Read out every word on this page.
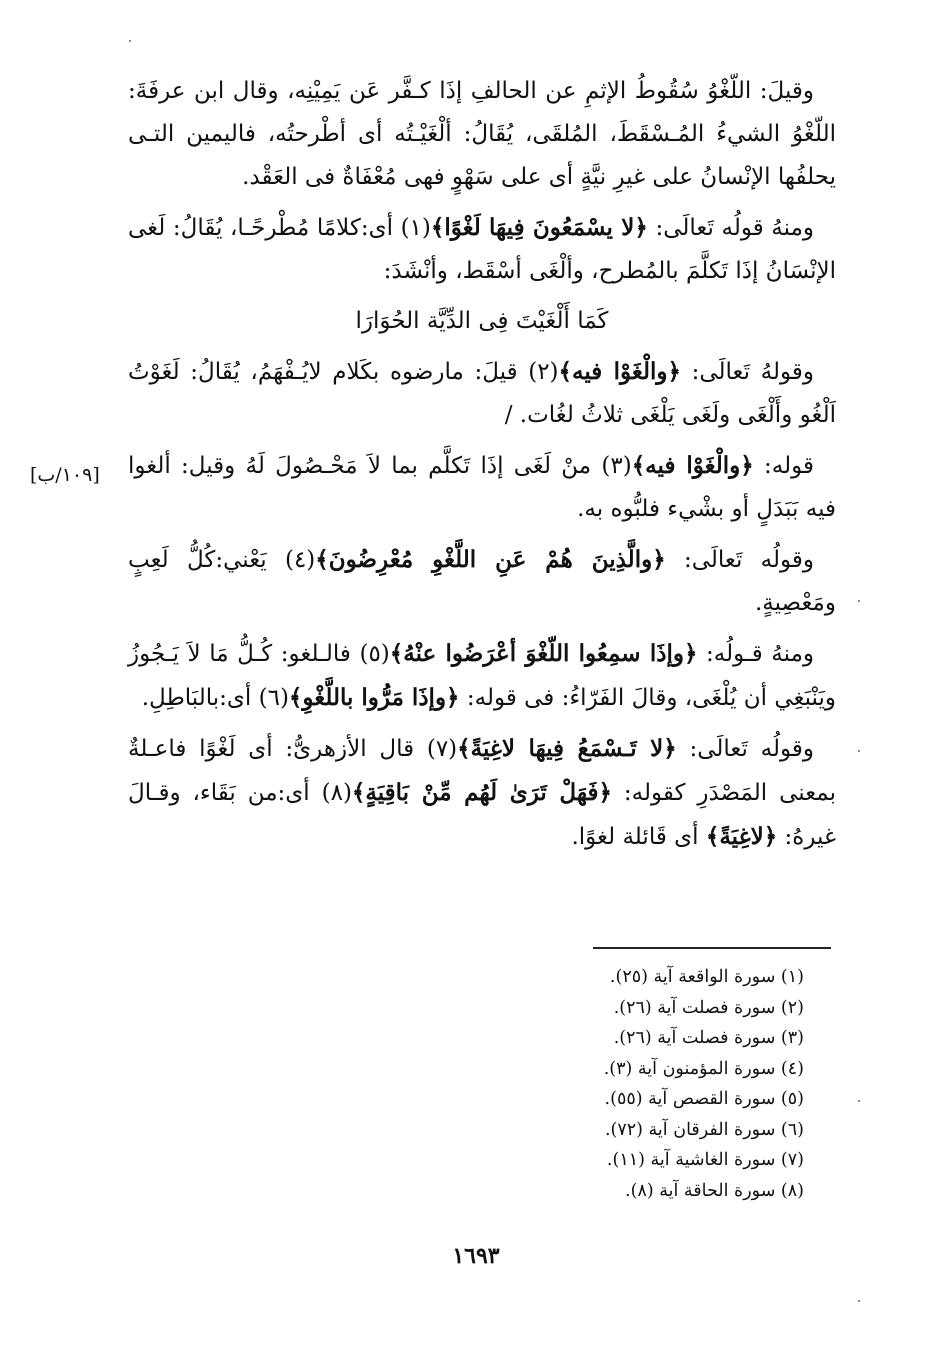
وقيلَ: اللّغْوُ سُقُوطُ الإثمِ عن الحالفِ إذَا كـفَّر عَن يَمِيْنِه، وقال ابن عرفَةَ: اللّغْوُ الشيءُ المُـسْقَطَ، المُلقَى، يُقَالُ: ألْغَيْـتُه أى أطْرحتُه، فاليمين التـى يحلفُها الإنْسانُ على غيرِ نيَّةٍ أى على سَهْوٍ فهى مُعْفَاةٌ فى العَقْد.

ومنهُ قولُه تَعالَى: ﴿لا يسْمَعُونَ فِيهَا لَغْوًا﴾(١) أى:كلامًا مُطْرحًـا، يُقَالُ: لَغى الإنْسَانُ إذَا تَكلَّمَ بالمُطرح، وألْغَى أسْقَط، وأنْشَدَ:

كَمَا أَلْغَيْتَ فِى الدِّيَّة الحُوَارَا

وقولهُ تَعالَى: ﴿والْغَوْا فيه﴾(٢) قيلَ: مارضوه بكَلام لايُـفْهَمُ، يُقَالُ: لَغَوْتُ اَلْغُو وأَلْغَى ولَغَى يَلْغَى ثلاثُ لغُات. /

قوله: ﴿والْغَوْا فيه﴾(٣) منْ لَغَى إذَا تَكلَّم بما لاَ مَحْـصُولَ لَهُ وقيل: ألغوا فيه بَبَدَلٍ أو بشْيء فلبُّوه به.

وقولُه تَعالَى: ﴿والَّذِينَ هُمْ عَنِ اللَّغْوِ مُعْرِضُونَ﴾(٤) يَعْني:كُلُّ لَعِبٍ ومَعْصِيةٍ.

ومنهُ قـولُه: ﴿وإذَا سمِعُوا اللّغْوَ أعْرَضُوا عنْهُ﴾(٥) فالـلغو: كُـلُّ مَا لاَ يَـجُوزُ ويَنْبَغِي أن يُلْغَى، وقالَ الفَرّاءُ: فى قوله: ﴿وإذَا مَرُّوا باللَّغْوِ﴾(٦) أى:بالبَاطِلِ.

وقولُه تَعالَى: ﴿لا تَـسْمَعُ فِيهَا لاغِيَةً﴾(٧) قال الأزهرىُّ: أى لَغْوًا فاعـلةٌ بمعنى المَصْدَرِ كقوله: ﴿فَهَلْ تَرَىٰ لَهُم مِّنْ بَاقِيَةٍ﴾(٨) أى:من بَقَاء، وقـالَ غيرهُ: ﴿لاغِيَةً﴾ أى قَائلة لغوًا.

[١٠٩/ب]
(١) سورة الواقعة آية (٢٥).
(٢) سورة فصلت آية (٢٦).
(٣) سورة فصلت آية (٢٦).
(٤) سورة المؤمنون آية (٣).
(٥) سورة القصص آية (٥٥).
(٦) سورة الفرقان آية (٧٢).
(٧) سورة الغاشية آية (١١).
(٨) سورة الحاقة آية (٨).
١٦٩٣
